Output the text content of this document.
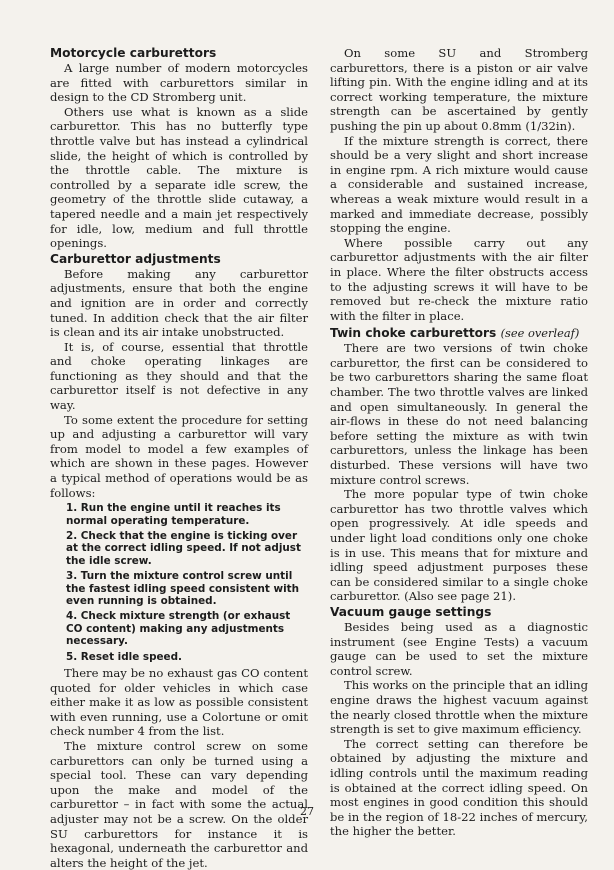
Motorcycle carburettors

A large number of modern motorcycles are fitted with carburettors similar in design to the CD Stromberg unit.

Others use what is known as a slide carburettor. This has no butterfly type throttle valve but has instead a cylindrical slide, the height of which is controlled by the throttle cable. The mixture is controlled by a separate idle screw, the geometry of the throttle slide cutaway, a tapered needle and a main jet respectively for idle, low, medium and full throttle openings.

Carburettor adjustments

Before making any carburettor adjustments, ensure that both the engine and ignition are in order and correctly tuned. In addition check that the air filter is clean and its air intake unobstructed.

It is, of course, essential that throttle and choke operating linkages are functioning as they should and that the carburettor itself is not defective in any way.

To some extent the procedure for setting up and adjusting a carburettor will vary from model to model a few examples of which are shown in these pages. However a typical method of operations would be as follows:

1. Run the engine until it reaches its normal operating temperature.
2. Check that the engine is ticking over at the correct idling speed. If not adjust the idle screw.
3. Turn the mixture control screw until the fastest idling speed consistent with even running is obtained.
4. Check mixture strength (or exhaust CO content) making any adjustments necessary.
5. Reset idle speed.

There may be no exhaust gas CO content quoted for older vehicles in which case either make it as low as possible consistent with even running, use a Colortune or omit check number 4 from the list.

The mixture control screw on some carburettors can only be turned using a special tool. These can vary depending upon the make and model of the carburettor – in fact with some the actual adjuster may not be a screw. On the older SU carburettors for instance it is hexagonal, underneath the carburettor and alters the height of the jet.

On some SU and Stromberg carburettors, there is a piston or air valve lifting pin. With the engine idling and at its correct working temperature, the mixture strength can be ascertained by gently pushing the pin up about 0.8mm (1/32in).

If the mixture strength is correct, there should be a very slight and short increase in engine rpm. A rich mixture would cause a considerable and sustained increase, whereas a weak mixture would result in a marked and immediate decrease, possibly stopping the engine.

Where possible carry out any carburettor adjustments with the air filter in place. Where the filter obstructs access to the adjusting screws it will have to be removed but re-check the mixture ratio with the filter in place.

Twin choke carburettors (see overleaf)

There are two versions of twin choke carburettor, the first can be considered to be two carburettors sharing the same float chamber. The two throttle valves are linked and open simultaneously. In general the air-flows in these do not need balancing before setting the mixture as with twin carburettors, unless the linkage has been disturbed. These versions will have two mixture control screws.

The more popular type of twin choke carburettor has two throttle valves which open progressively. At idle speeds and under light load conditions only one choke is in use. This means that for mixture and idling speed adjustment purposes these can be considered similar to a single choke carburettor. (Also see page 21).

Vacuum gauge settings

Besides being used as a diagnostic instrument (see Engine Tests) a vacuum gauge can be used to set the mixture control screw.

This works on the principle that an idling engine draws the highest vacuum against the nearly closed throttle when the mixture strength is set to give maximum efficiency.

The correct setting can therefore be obtained by adjusting the mixture and idling controls until the maximum reading is obtained at the correct idling speed. On most engines in good condition this should be in the region of 18-22 inches of mercury, the higher the better.

27
